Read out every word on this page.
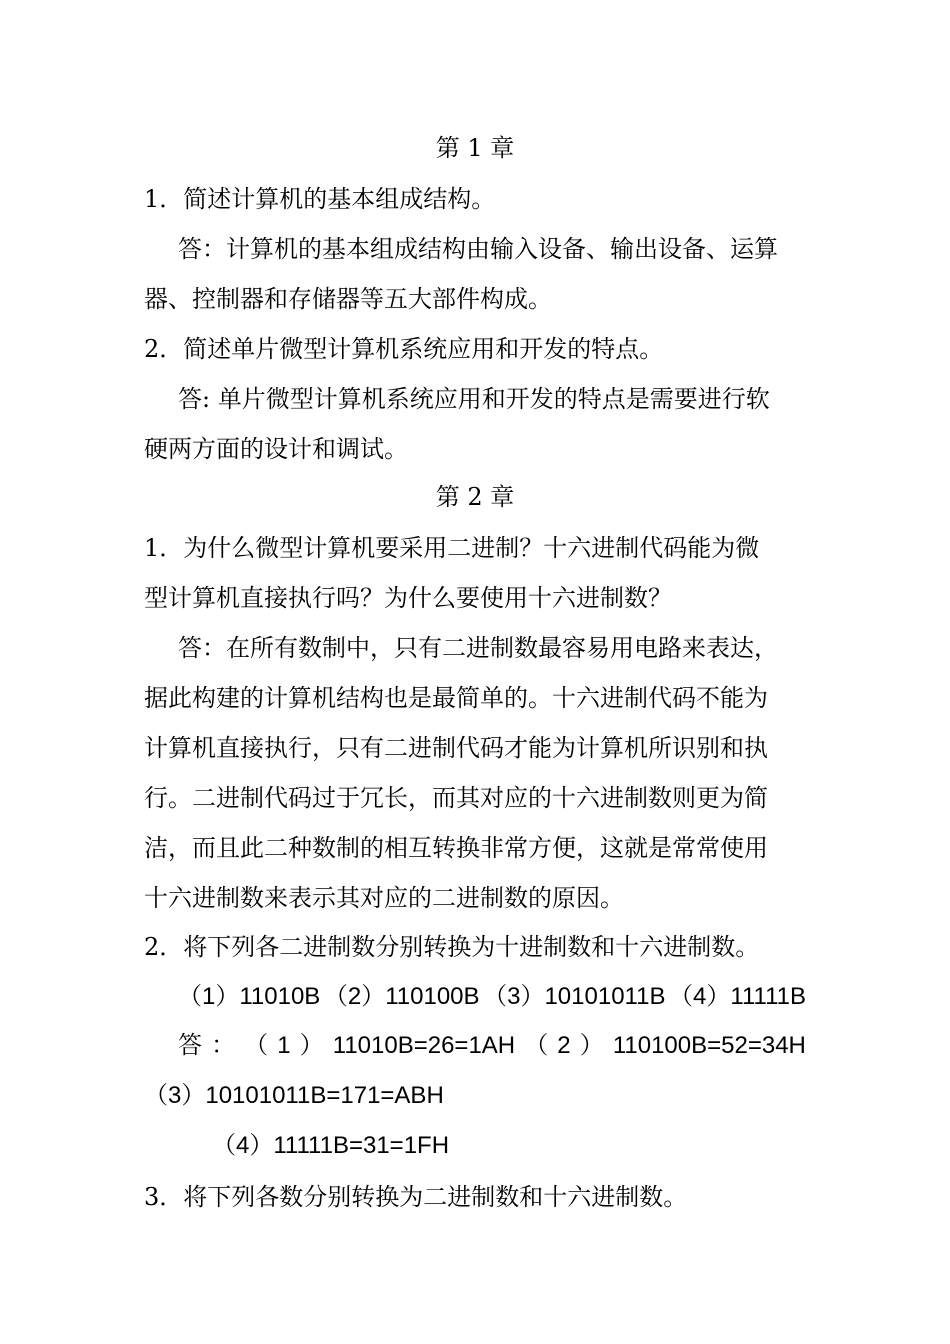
第 1 章
1．简述计算机的基本组成结构。
答：计算机的基本组成结构由输入设备、输出设备、运算
器、控制器和存储器等五大部件构成。
2．简述单片微型计算机系统应用和开发的特点。
答: 单片微型计算机系统应用和开发的特点是需要进行软
硬两方面的设计和调试。
第 2 章
1．为什么微型计算机要采用二进制？十六进制代码能为微
型计算机直接执行吗？为什么要使用十六进制数？
答：在所有数制中，只有二进制数最容易用电路来表达，
据此构建的计算机结构也是最简单的。十六进制代码不能为
计算机直接执行，只有二进制代码才能为计算机所识别和执
行。二进制代码过于冗长，而其对应的十六进制数则更为简
洁，而且此二种数制的相互转换非常方便，这就是常常使用
十六进制数来表示其对应的二进制数的原因。
2．将下列各二进制数分别转换为十进制数和十六进制数。
（1）11010B （2）110100B （3）10101011B （4）11111B
答 ： （ 1 ） 11010B=26=1AH （ 2 ） 110100B=52=34H
（3）10101011B=171=ABH
（4）11111B=31=1FH
3．将下列各数分别转换为二进制数和十六进制数。
